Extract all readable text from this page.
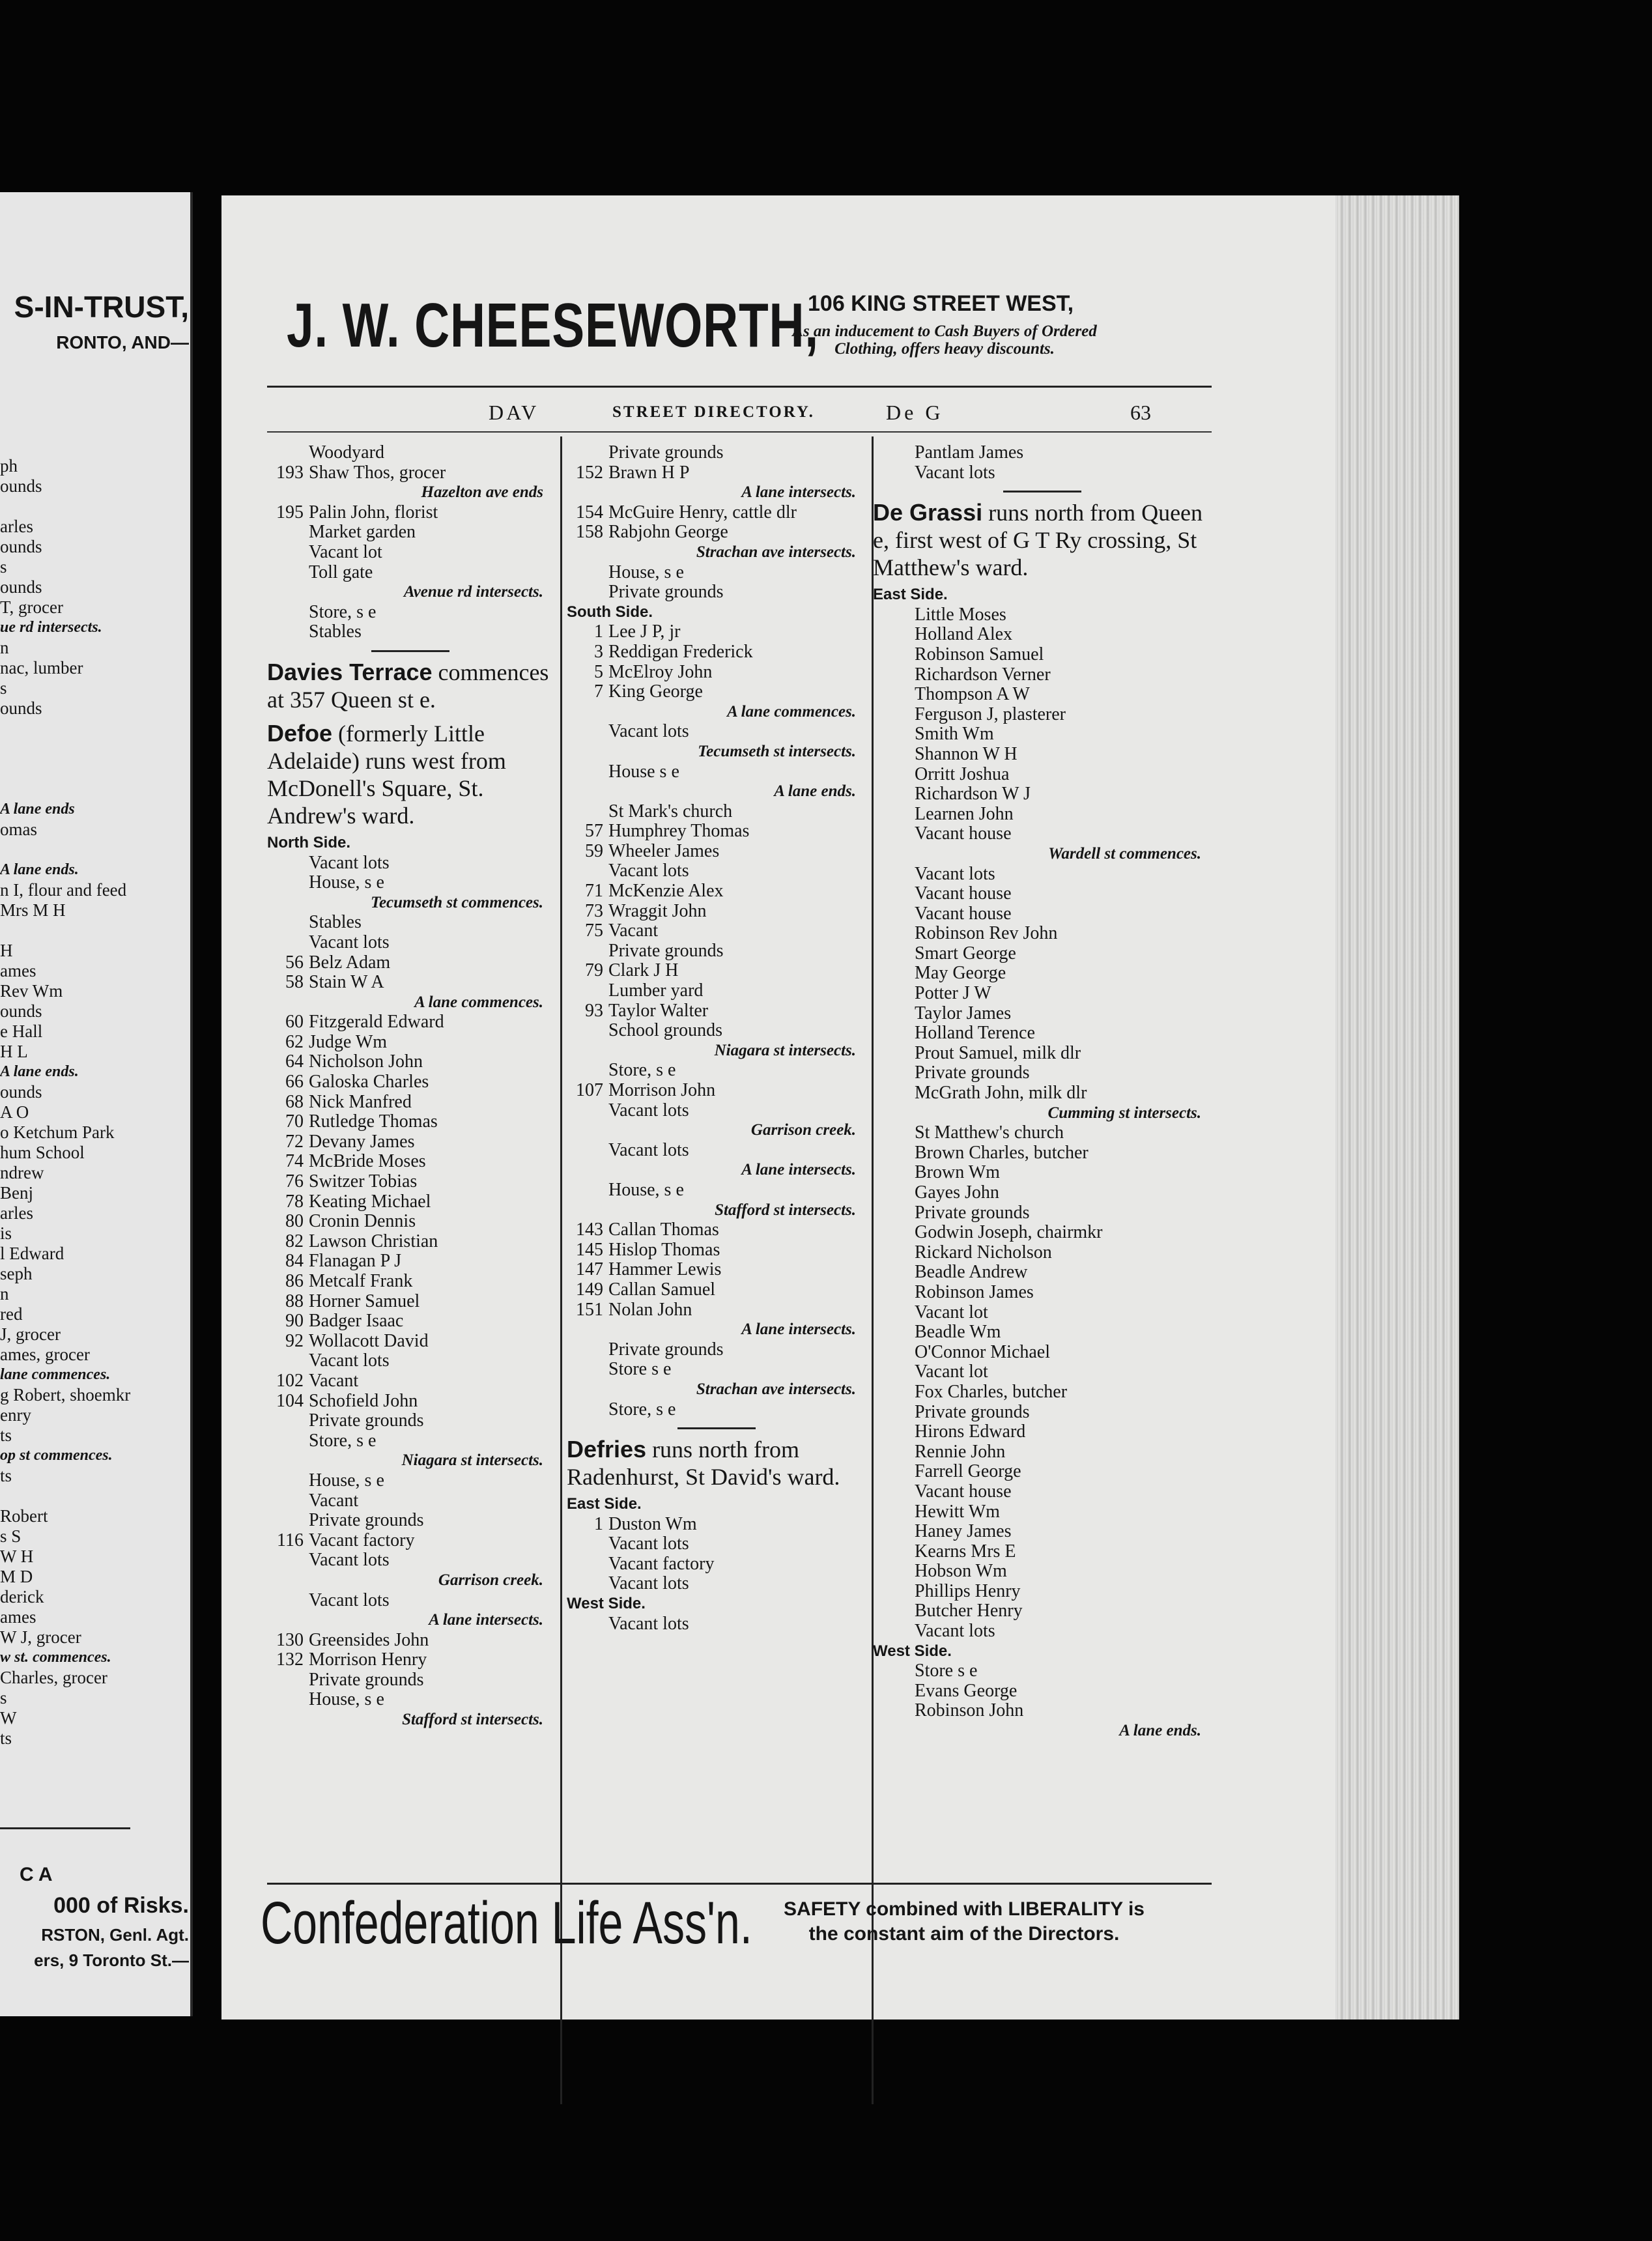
S-IN-TRUST,
RONTO, AND—
ph
ounds

arles
ounds
s
ounds
T, grocer
ue rd intersects.
n
nac, lumber
s
ounds

A lane ends
omas

A lane ends.
n I, flour and feed
Mrs M H

H
ames
Rev Wm
ounds
e Hall
H L
A lane ends.
ounds
A O
o Ketchum Park
hum School
ndrew
Benj
arles
is
l Edward
seph
n
red
J, grocer
ames, grocer
lane commences.
g Robert, shoemkr
enry
ts
op st commences.
ts

Robert
s S
W H
M D
derick
ames
W J, grocer
w st. commences.
Charles, grocer
s
W
ts
C A
000 of Risks.
RSTON, Genl. Agt.
ers, 9 Toronto St.—
J. W. CHEESEWORTH,
106 KING STREET WEST,
As an inducement to Cash Buyers of Ordered Clothing, offers heavy discounts.
DAV	STREET DIRECTORY.	De G	63
Woodyard
193 Shaw Thos, grocer
Hazelton ave ends
195 Palin John, florist
Market garden
Vacant lot
Toll gate
Avenue rd intersects.
Store, s e
Stables
Davies Terrace commences at 357 Queen st e.
Defoe (formerly Little Adelaide) runs west from McDonell's Square, St. Andrew's ward.
North Side.
Vacant lots
House, s e
Tecumseth st commences.
Stables
Vacant lots
56 Belz Adam
58 Stain W A
A lane commences.
60 Fitzgerald Edward
62 Judge Wm
64 Nicholson John
66 Galoska Charles
68 Nick Manfred
70 Rutledge Thomas
72 Devany James
74 McBride Moses
76 Switzer Tobias
78 Keating Michael
80 Cronin Dennis
82 Lawson Christian
84 Flanagan P J
86 Metcalf Frank
88 Horner Samuel
90 Badger Isaac
92 Wollacott David
Vacant lots
102 Vacant
104 Schofield John
Private grounds
Store, s e
Niagara st intersects.
House, s e
Vacant
Private grounds
116 Vacant factory
Vacant lots
Garrison creek.
Vacant lots
A lane intersects.
130 Greensides John
132 Morrison Henry
Private grounds
House, s e
Stafford st intersects.
Private grounds
152 Brawn H P
A lane intersects.
154 McGuire Henry, cattle dlr
158 Rabjohn George
Strachan ave intersects.
House, s e
Private grounds
South Side.
1 Lee J P, jr
3 Reddigan Frederick
5 McElroy John
7 King George
A lane commences.
Vacant lots
Tecumseth st intersects.
House s e
A lane ends.
St Mark's church
57 Humphrey Thomas
59 Wheeler James
Vacant lots
71 McKenzie Alex
73 Wraggit John
75 Vacant
Private grounds
79 Clark J H
Lumber yard
93 Taylor Walter
School grounds
Niagara st intersects.
Store, s e
107 Morrison John
Vacant lots
Garrison creek.
Vacant lots
A lane intersects.
House, s e
Stafford st intersects.
143 Callan Thomas
145 Hislop Thomas
147 Hammer Lewis
149 Callan Samuel
151 Nolan John
A lane intersects.
Private grounds
Store s e
Strachan ave intersects.
Store, s e
Defries runs north from Radenhurst, St David's ward.
East Side.
1 Duston Wm
Vacant lots
Vacant factory
Vacant lots
West Side.
Vacant lots
Pantlam James
Vacant lots
De Grassi runs north from Queen e, first west of G T Ry crossing, St Matthew's ward.
East Side.
Little Moses
Holland Alex
Robinson Samuel
Richardson Verner
Thompson A W
Ferguson J, plasterer
Smith Wm
Shannon W H
Orritt Joshua
Richardson W J
Learnen John
Vacant house
Wardell st commences.
Vacant lots
Vacant house
Vacant house
Robinson Rev John
Smart George
May George
Potter J W
Taylor James
Holland Terence
Prout Samuel, milk dlr
Private grounds
McGrath John, milk dlr
Cumming st intersects.
St Matthew's church
Brown Charles, butcher
Brown Wm
Gayes John
Private grounds
Godwin Joseph, chairmkr
Rickard Nicholson
Beadle Andrew
Robinson James
Vacant lot
Beadle Wm
O'Connor Michael
Vacant lot
Fox Charles, butcher
Private grounds
Hirons Edward
Rennie John
Farrell George
Vacant house
Hewitt Wm
Haney James
Kearns Mrs E
Hobson Wm
Phillips Henry
Butcher Henry
Vacant lots
West Side.
Store s e
Evans George
Robinson John
A lane ends.
Confederation Life Ass'n. SAFETY combined with LIBERALITY is the constant aim of the Directors.
